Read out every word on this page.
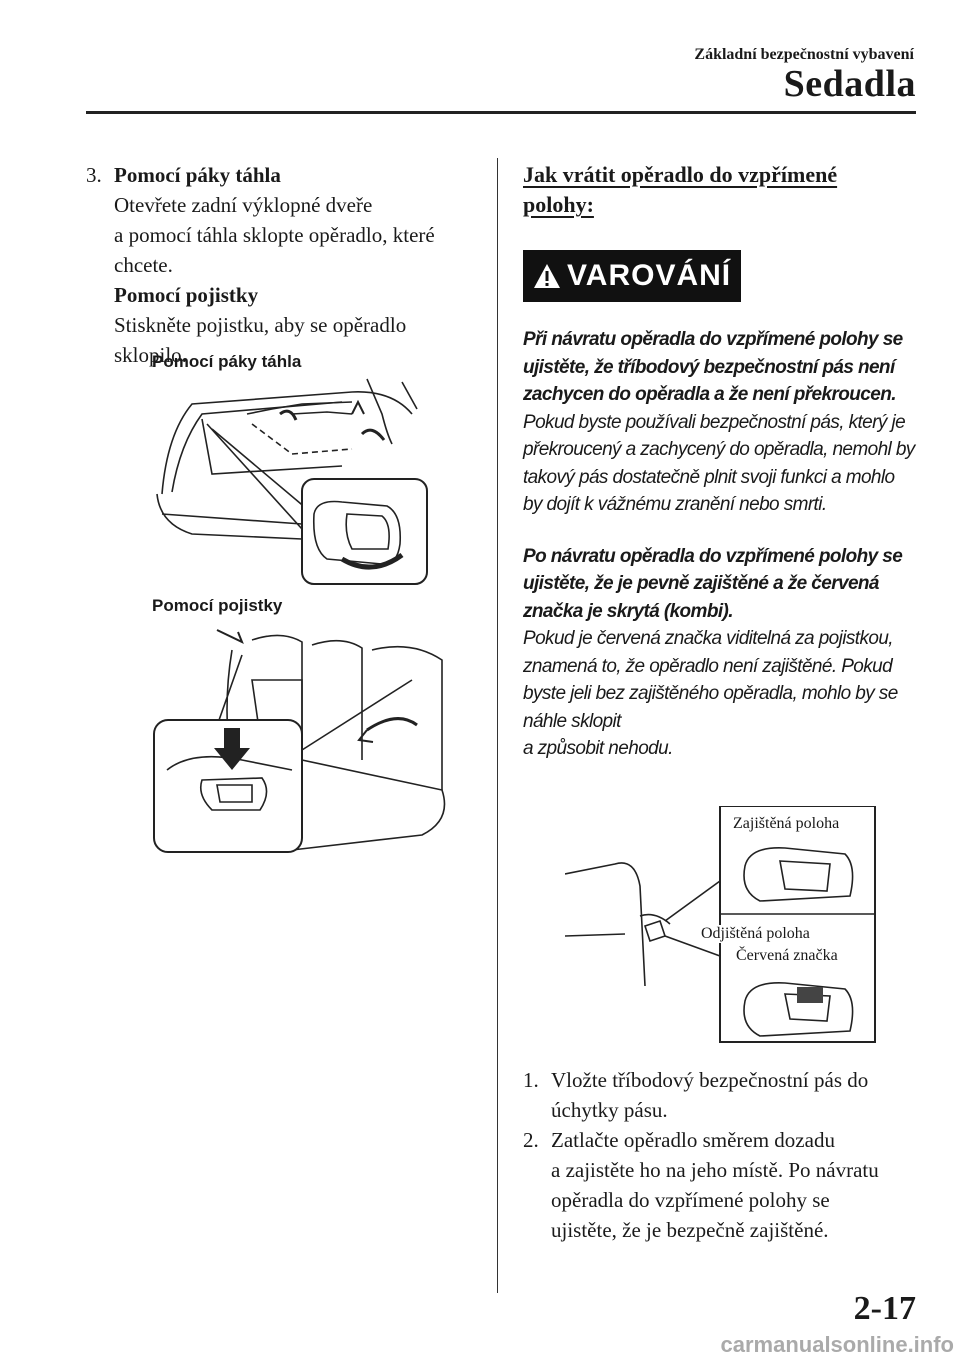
Základní bezpečnostní vybavení
Sedadla
3. Pomocí páky táhla
Otevřete zadní výklopné dveře
a pomocí táhla sklopte opěradlo, které
chcete.
Pomocí pojistky
Stiskněte pojistku, aby se opěradlo
sklopilo.
Pomocí páky táhla
Pomocí pojistky
Jak vrátit opěradlo do vzpřímené
polohy:
VAROVÁNÍ
Při návratu opěradla do vzpřímené polohy se ujistěte, že tříbodový bezpečnostní pás není zachycen do opěradla a že není překroucen.
Pokud byste používali bezpečnostní pás, který je překroucený a zachycený do opěradla, nemohl by takový pás dostatečně plnit svoji funkci a mohlo by dojít k vážnému zranění nebo smrti.
Po návratu opěradla do vzpřímené polohy se ujistěte, že je pevně zajištěné a že červená značka je skrytá (kombi).
Pokud je červená značka viditelná za pojistkou, znamená to, že opěradlo není zajištěné. Pokud byste jeli bez zajištěného opěradla, mohlo by se náhle sklopit
a způsobit nehodu.
Zajištěná poloha
Odjištěná poloha
Červená značka
1. Vložte tříbodový bezpečnostní pás do
úchytky pásu.
2. Zatlačte opěradlo směrem dozadu
a zajistěte ho na jeho místě. Po návratu
opěradla do vzpřímené polohy se
ujistěte, že je bezpečně zajištěné.
2-17
carmanualsonline.info
